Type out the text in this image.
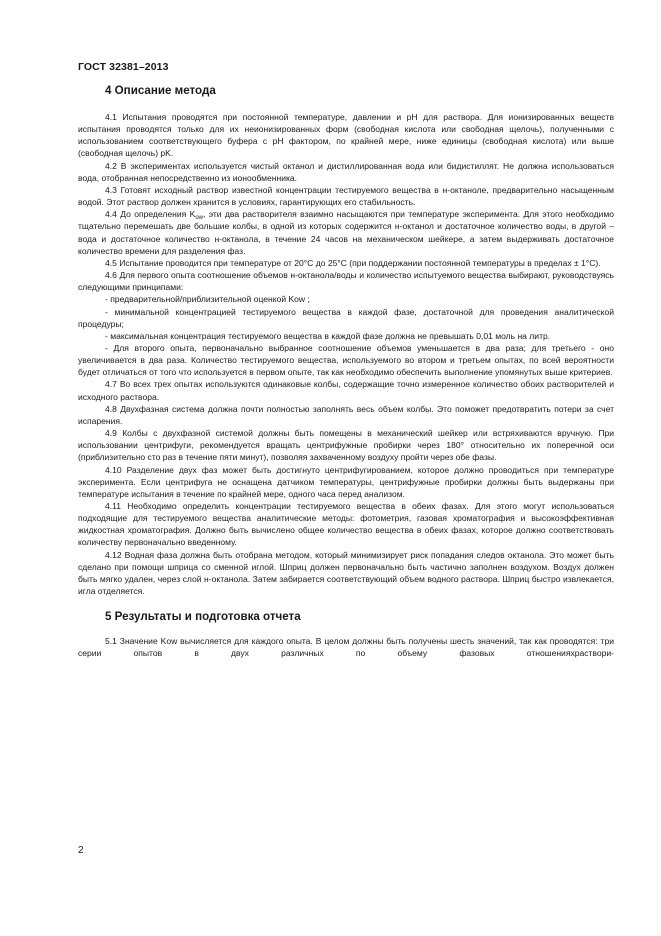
ГОСТ 32381–2013
4 Описание метода

4.1 Испытания проводятся при постоянной температуре, давлении и pH для раствора. Для ионизированных веществ испытания проводятся только для их неионизированных форм (свободная кислота или свободная щелочь), полученными с использованием соответствующего буфера с pH фактором, по крайней мере, ниже единицы (свободная кислота) или выше (свободная щелочь) pK.

4.2 В экспериментах используется чистый октанол и дистиллированная вода или бидистиллят. Не должна использоваться вода, отобранная непосредственно из ионообменника.

4.3 Готовят исходный раствор известной концентрации тестируемого вещества в н-октаноле, предварительно насыщенным водой. Этот раствор должен хранится в условиях, гарантирующих его стабильность.

4.4 До определения $K_{ow}$, эти два растворителя взаимно насыщаются при температуре эксперимента. Для этого необходимо тщательно перемешать две большие колбы, в одной из которых содержится н-октанол и достаточное количество воды, в другой – вода и достаточное количество н-октанола, в течение 24 часов на механическом шейкере, а затем выдерживать достаточное количество времени для разделения фаз.

4.5 Испытание проводится при температуре от 20°C до 25°C (при поддержании постоянной температуры в пределах ± 1°C).

4.6 Для первого опыта соотношение объемов н-октанола/воды и количество испытуемого вещества выбирают, руководствуясь следующими принципами:

- предварительной/приблизительной оценкой Kow ;

- минимальной концентрацией тестируемого вещества в каждой фазе, достаточной для проведения аналитической процедуры;

- максимальная концентрация тестируемого вещества в каждой фазе должна не превышать 0,01 моль на литр.

- Для второго опыта, первоначально выбранное соотношение объемов уменьшается в два раза; для третьего - оно увеличивается в два раза. Количество тестируемого вещества, используемого во втором и третьем опытах, по всей вероятности будет отличаться от того что используется в первом опыте, так как необходимо обеспечить выполнение упомянутых выше критериев.

4.7 Во всех трех опытах используются одинаковые колбы, содержащие точно измеренное количество обоих растворителей и исходного раствора.

4.8 Двухфазная система должна почти полностью заполнять весь объем колбы. Это поможет предотвратить потери за счет испарения.

4.9 Колбы с двухфазной системой должны быть помещены в механический шейкер или встряхиваются вручную. При использовании центрифуги, рекомендуется вращать центрифужные пробирки через 180° относительно их поперечной оси (приблизительно сто раз в течение пяти минут), позволяя захваченному воздуху пройти через обе фазы.

4.10 Разделение двух фаз может быть достигнуто центрифугированием, которое должно проводиться при температуре эксперимента. Если центрифуга не оснащена датчиком температуры, центрифужные пробирки должны быть выдержаны при температуре испытания в течение по крайней мере, одного часа перед анализом.

4.11 Необходимо определить концентрации тестируемого вещества в обеих фазах. Для этого могут использоваться подходящие для тестируемого вещества аналитические методы: фотометрия, газовая хроматография и высокоэффективная жидкостная хроматография. Должно быть вычислено общее количество вещества в обеих фазах, которое должно соответствовать количеству первоначально введенному.

4.12 Водная фаза должна быть отобрана методом, который минимизирует риск попадания следов октанола. Это может быть сделано при помощи шприца со сменной иглой. Шприц должен первоначально быть частично заполнен воздухом. Воздух должен быть мягко удален, через слой н-октанола. Затем забирается соответствующий объем водного раствора. Шприц быстро извлекается, игла отделяется.

5 Результаты и подготовка отчета

5.1 Значение Kow вычисляется для каждого опыта. В целом должны быть получены шесть значений, так как проводятся: три серии опытов в двух различных по объему фазовых отношенияхраствори-

2
